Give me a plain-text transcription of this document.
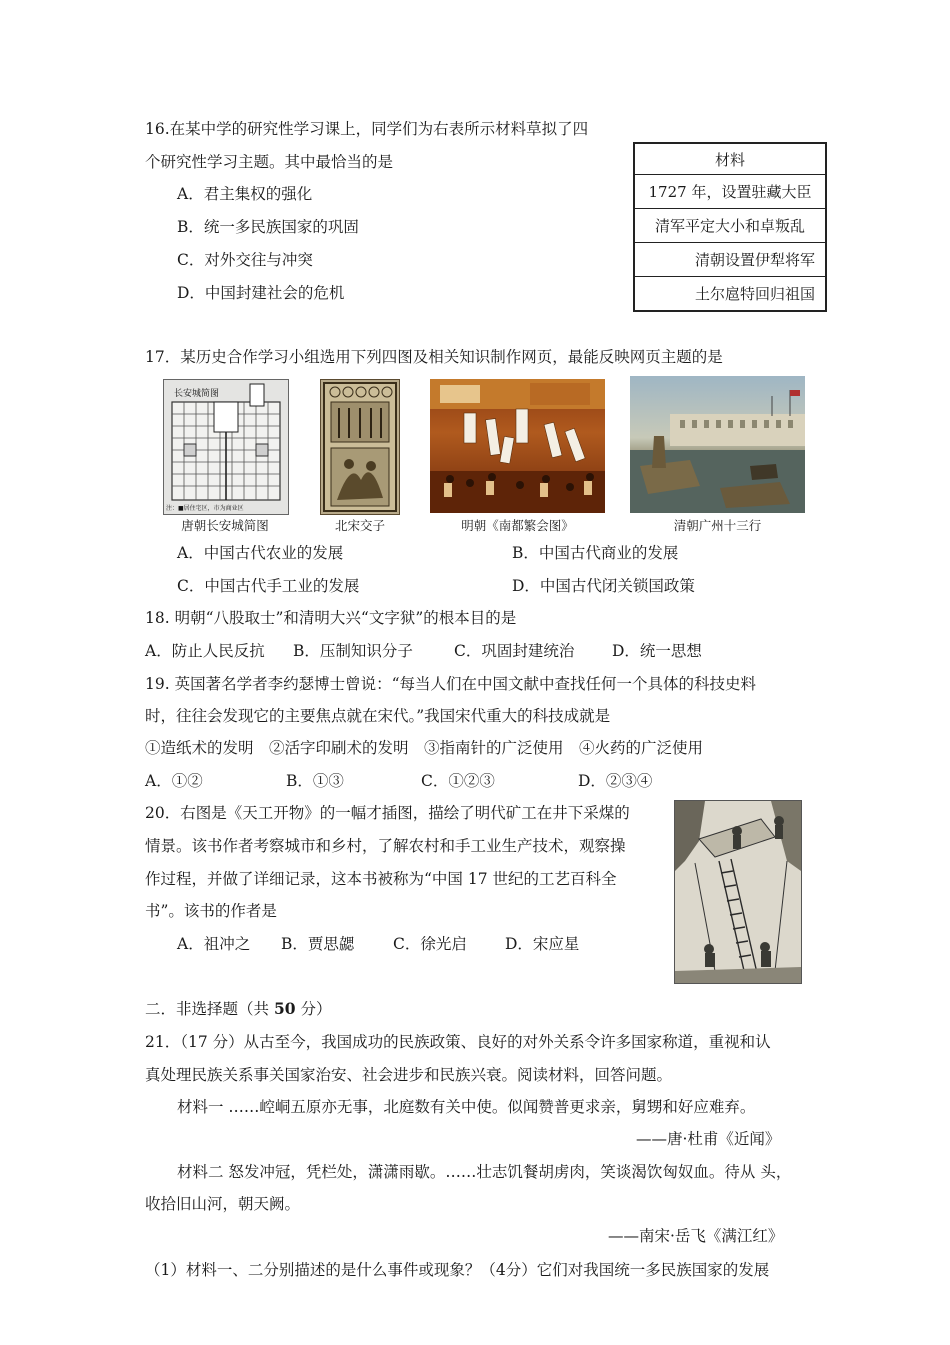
16.在某中学的研究性学习课上，同学们为右表所示材料草拟了四
个研究性学习主题。其中最恰当的是
A．君主集权的强化
B．统一多民族国家的巩固
C．对外交往与冲突
D．中国封建社会的危机
材料
1727 年，设置驻藏大臣
清军平定大小和卓叛乱
清朝设置伊犁将军
土尔扈特回归祖国
17．某历史合作学习小组选用下列四图及相关知识制作网页，最能反映网页主题的是
长安城简图
注：■居住宅区，市为商业区
唐朝长安城简图	北宋交子	明朝《南都繁会图》	清朝广州十三行
A．中国古代农业的发展	B．中国古代商业的发展
C．中国古代手工业的发展	D．中国古代闭关锁国政策
18. 明朝“八股取士”和清明大兴“文字狱”的根本目的是
A．防止人民反抗 B．压制知识分子	C．巩固封建统治 D．统一思想
19. 英国著名学者李约瑟博士曾说：“每当人们在中国文献中查找任何一个具体的科技史料
时，往往会发现它的主要焦点就在宋代。”我国宋代重大的科技成就是
①造纸术的发明　②活字印刷术的发明　③指南针的广泛使用　④火药的广泛使用
A．①②	B．①③	C．①②③	D．②③④
20．右图是《天工开物》的一幅才插图，描绘了明代矿工在井下采煤的
情景。该书作者考察城市和乡村，了解农村和手工业生产技术，观察操
作过程，并做了详细记录，这本书被称为“中国 17 世纪的工艺百科全
书”。该书的作者是
A．祖冲之 B．贾思勰 C．徐光启 D．宋应星
二．非选择题（共 50 分）
21．（17 分）从古至今，我国成功的民族政策、良好的对外关系令许多国家称道，重视和认
真处理民族关系事关国家治安、社会进步和民族兴衰。阅读材料，回答问题。
材料一 ……崆峒五原亦无事，北庭数有关中使。似闻赞普更求亲，舅甥和好应难弃。
——唐·杜甫《近闻》
材料二 怒发冲冠，凭栏处，潇潇雨歇。……壮志饥餐胡虏肉，笑谈渴饮匈奴血。待从 头，
收拾旧山河，朝天阙。
——南宋·岳飞《满江红》
（1）材料一、二分别描述的是什么事件或现象？（4分）它们对我国统一多民族国家的发展
